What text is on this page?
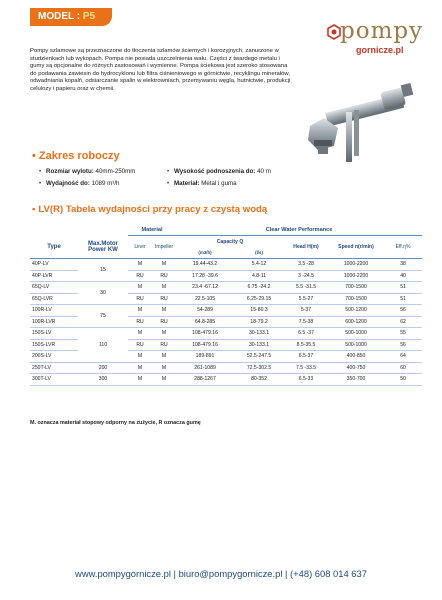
MODEL : P5
pompy
gornicze.pl

Pompy szlamowe są przeznaczone do tłoczenia szlamów ściernych i korozyjnych, zanurzone w studzienkach lub wykopach. Pompa nie posiada uszczelnienia wału. Części z twardego metalu i gumy są opcjonalne do różnych zastosowań i wymienne. Pompa ściekowa jest szeroko stosowana do podawania zawiesin do hydrocyklonu lub filtra ciśnieniowego w górnictwie, recyklingu minerałów, odwadniania kopalń, odsiarczanie spalin w elektrowniach, przemywaniu węgla, hutnictwie, produkcji celulozy i papieru oraz w chemii.

• Zakres roboczy
• Rozmiar wylotu: 40mm-250mm
• Wydajność do: 1089 m³/h
• Wysokość podnoszenia do: 40 m
• Materiał: Metal i guma
• LV(R) Tabela wydajności przy pracy z czystą wodą
		Material		Clear Water Performance				
Type	Max.Motor Power KW	Liner	Impeller	Capacity Q		Head H(m)	Speed n(r/min)	Eff.η%
				(m3/h)	(l/s)			
40P-LV	15	M	M	19.44-43.2	5.4-12	3.5 -28	1000-2200	38
40P-LVR		RU	RU	17.28 -39.6	4.8-11	3 -24.5	1000-2200	40
65Q-LV	30	M	M	23.4 -67.12	6.75 -24.2	5.5 -31.5	700-1500	51
65Q-LVR		RU	RU	22.5-105	6.25-29.15	5.5-27	700-1500	51
100R-LV	75	M	M	54-289	15-80.3	5-37	500-1200	56
100R-LVR		RU	RU	64.8-285	18-79.2	7.5-38	600-1200	62
150S-LV	110	M	M	108-479.16	30-133.1	6.5 -37	500-1000	55
150S-LVR		RU	RU	108-479.16	30-133.1	8.5-35.5	500-1000	56
200S-LV		M	M	189-891	52.5-247.5	6.5-37	400-850	64
250T-LV	200	M	M	261-1089	72.5-302.5	7.5 -33.5	400-750	60
300T-LV	300	M	M	288-1267	80-352	6.5-33	350-700	50
M. oznacza materiał stopowy odporny na zużycie, R oznacza gumę
www.pompygornicze.pl | biuro@pompygornicze.pl | (+48) 608 014 637
